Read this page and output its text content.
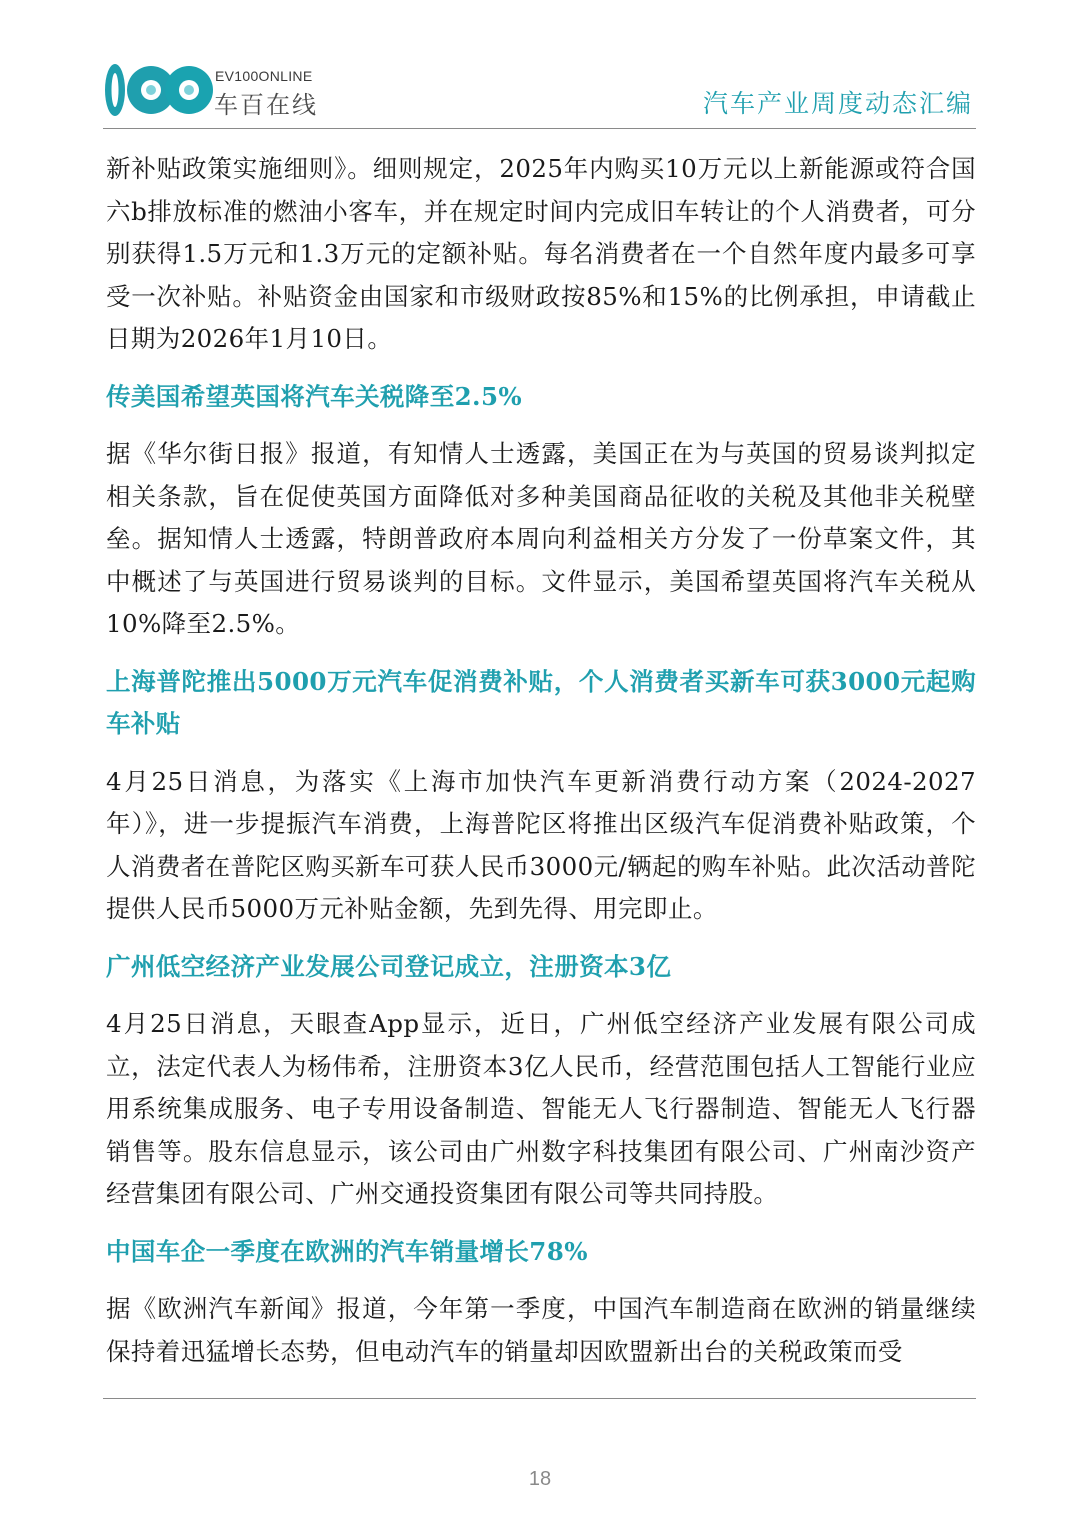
EV100ONLINE
车百在线	汽车产业周度动态汇编

新补贴政策实施细则》。细则规定，2025年内购买10万元以上新能源或符合国六b排放标准的燃油小客车，并在规定时间内完成旧车转让的个人消费者，可分别获得1.5万元和1.3万元的定额补贴。每名消费者在一个自然年度内最多可享受一次补贴。补贴资金由国家和市级财政按85%和15%的比例承担，申请截止日期为2026年1月10日。

传美国希望英国将汽车关税降至2.5%

据《华尔街日报》报道，有知情人士透露，美国正在为与英国的贸易谈判拟定相关条款，旨在促使英国方面降低对多种美国商品征收的关税及其他非关税壁垒。据知情人士透露，特朗普政府本周向利益相关方分发了一份草案文件，其中概述了与英国进行贸易谈判的目标。文件显示，美国希望英国将汽车关税从10%降至2.5%。

上海普陀推出5000万元汽车促消费补贴，个人消费者买新车可获3000元起购车补贴

4月25日消息，为落实《上海市加快汽车更新消费行动方案（2024-2027年）》，进一步提振汽车消费，上海普陀区将推出区级汽车促消费补贴政策，个人消费者在普陀区购买新车可获人民币3000元/辆起的购车补贴。此次活动普陀提供人民币5000万元补贴金额，先到先得、用完即止。

广州低空经济产业发展公司登记成立，注册资本3亿

4月25日消息，天眼查App显示，近日，广州低空经济产业发展有限公司成立，法定代表人为杨伟希，注册资本3亿人民币，经营范围包括人工智能行业应用系统集成服务、电子专用设备制造、智能无人飞行器制造、智能无人飞行器销售等。股东信息显示，该公司由广州数字科技集团有限公司、广州南沙资产经营集团有限公司、广州交通投资集团有限公司等共同持股。

中国车企一季度在欧洲的汽车销量增长78%

据《欧洲汽车新闻》报道，今年第一季度，中国汽车制造商在欧洲的销量继续保持着迅猛增长态势，但电动汽车的销量却因欧盟新出台的关税政策而受

18
